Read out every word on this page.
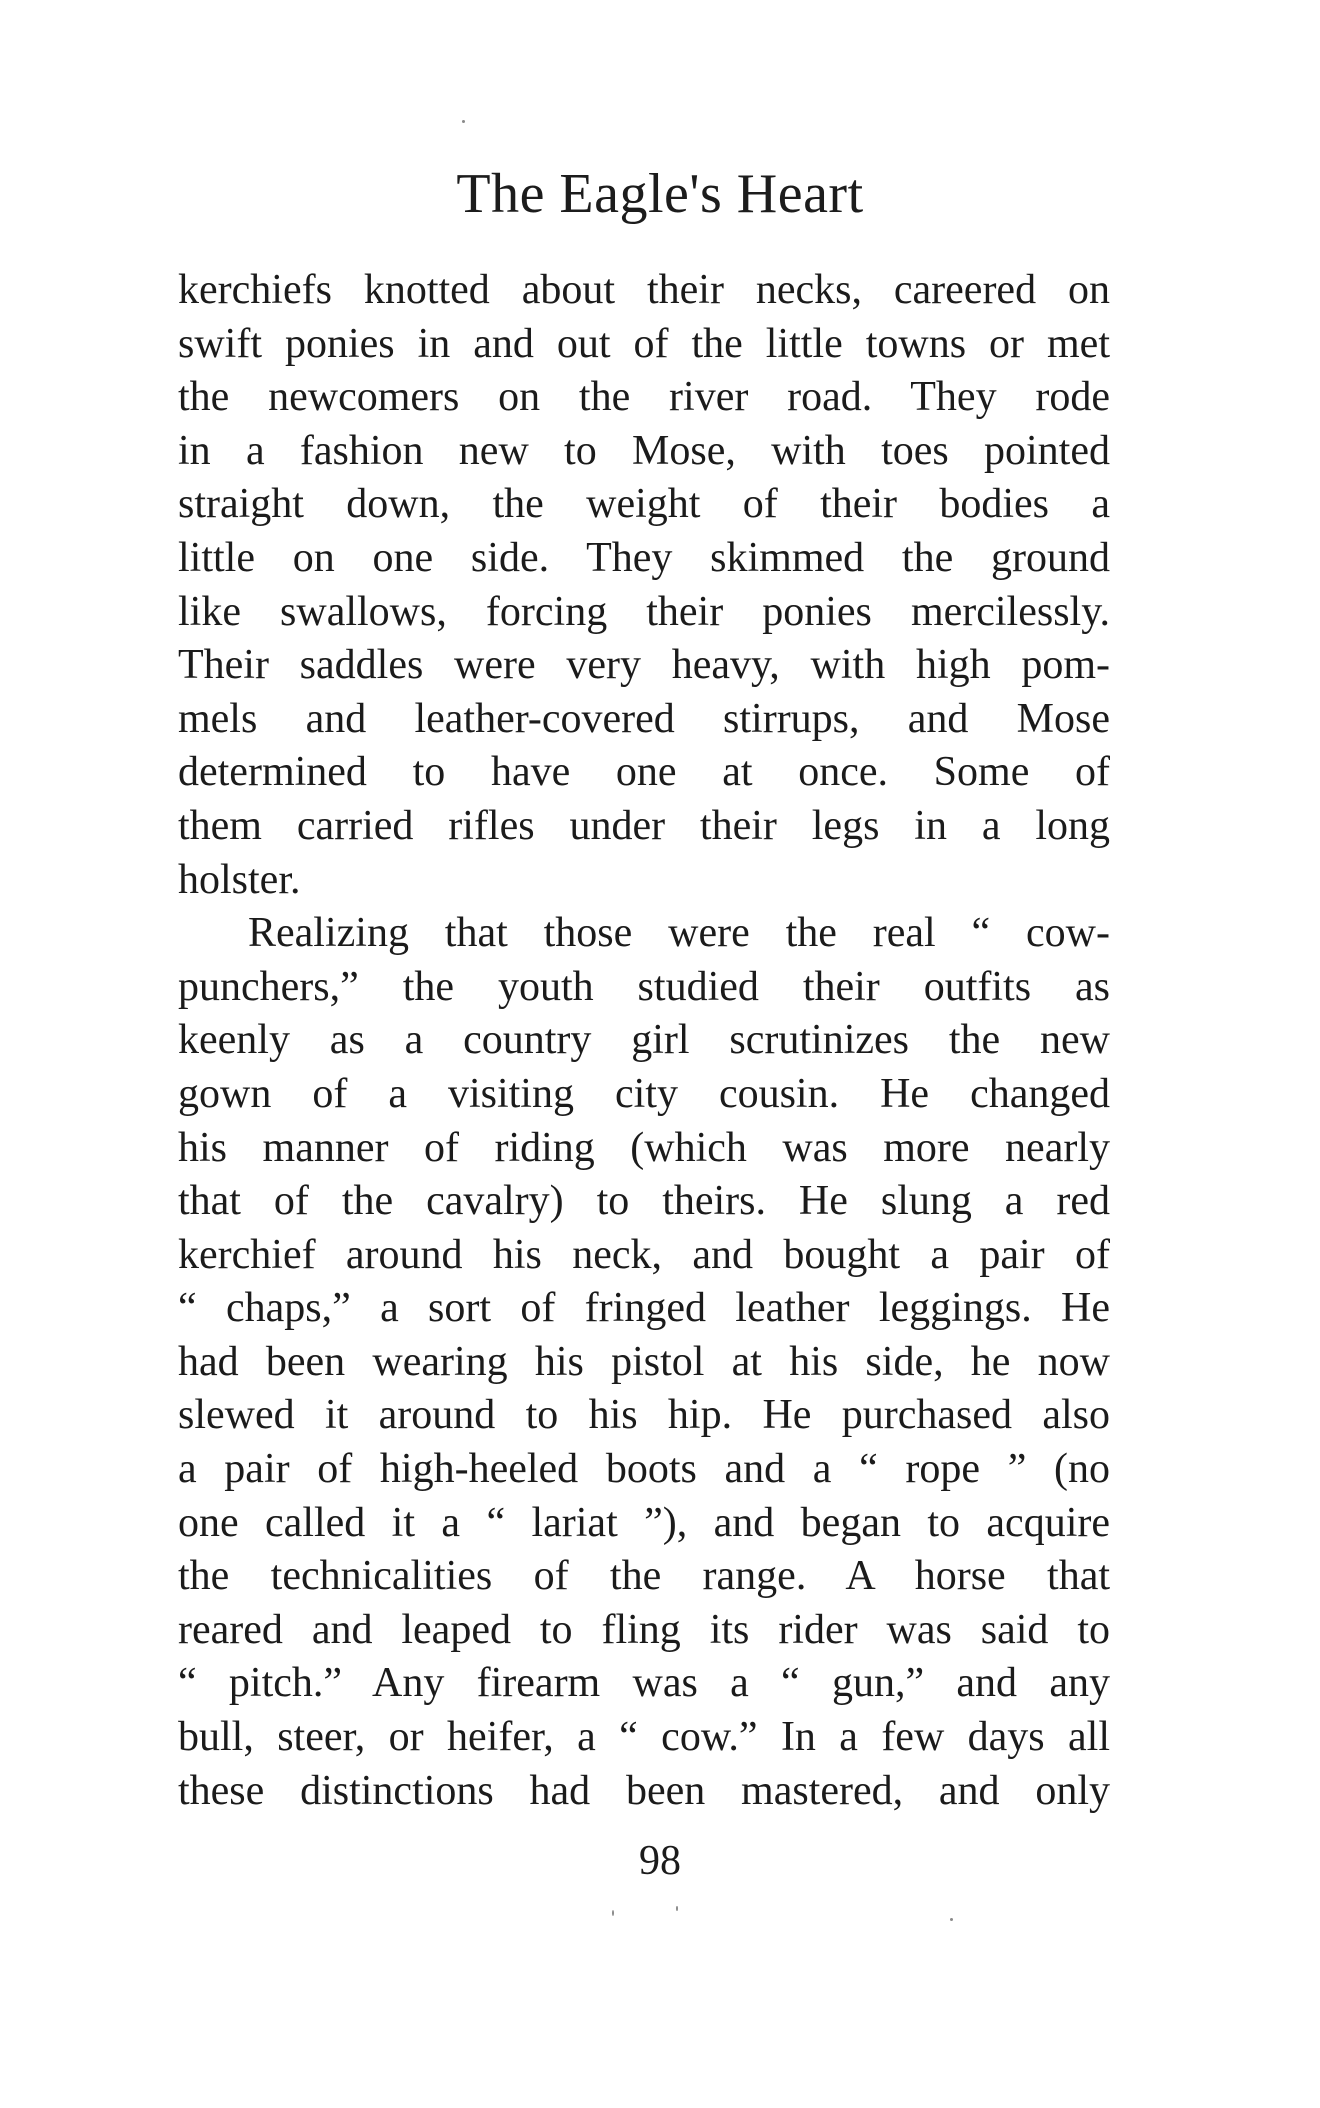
The Eagle's Heart
kerchiefs knotted about their necks, careered on
swift ponies in and out of the little towns or met
the newcomers on the river road. They rode
in a fashion new to Mose, with toes pointed
straight down, the weight of their bodies a
little on one side. They skimmed the ground
like swallows, forcing their ponies mercilessly.
Their saddles were very heavy, with high pom-
mels and leather-covered stirrups, and Mose
determined to have one at once. Some of
them carried rifles under their legs in a long
holster.
Realizing that those were the real “ cow-
punchers,” the youth studied their outfits as
keenly as a country girl scrutinizes the new
gown of a visiting city cousin. He changed
his manner of riding (which was more nearly
that of the cavalry) to theirs. He slung a red
kerchief around his neck, and bought a pair of
“ chaps,” a sort of fringed leather leggings. He
had been wearing his pistol at his side, he now
slewed it around to his hip. He purchased also
a pair of high-heeled boots and a “ rope ” (no
one called it a “ lariat ”), and began to acquire
the technicalities of the range. A horse that
reared and leaped to fling its rider was said to
“ pitch.” Any firearm was a “ gun,” and any
bull, steer, or heifer, a “ cow.” In a few days all
these distinctions had been mastered, and only
98
